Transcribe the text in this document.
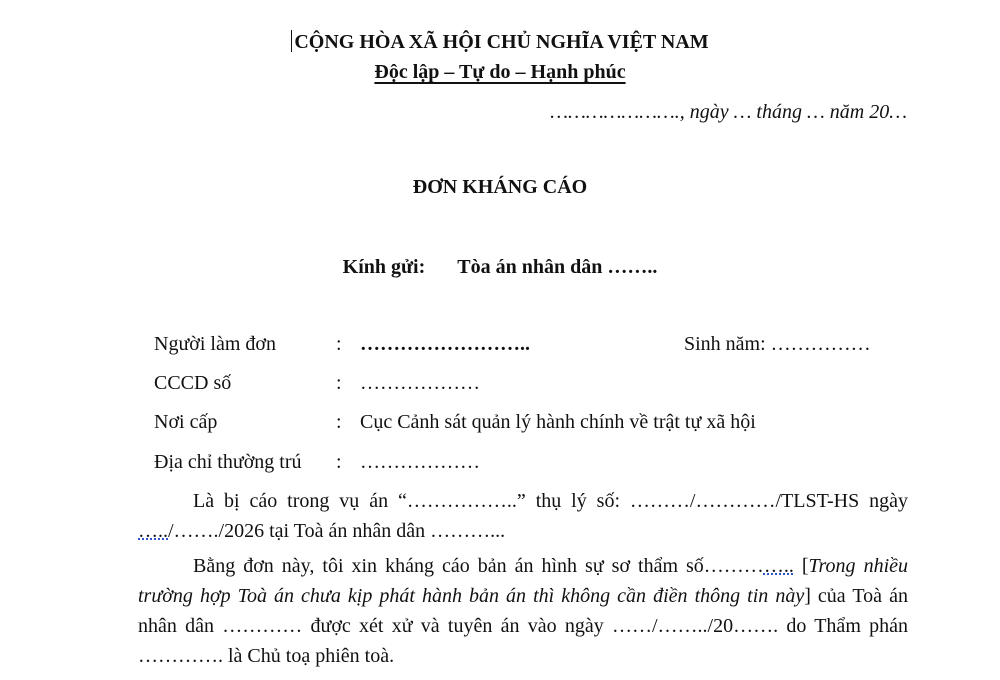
CỘNG HÒA XÃ HỘI CHỦ NGHĨA VIỆT NAM
Độc lập – Tự do – Hạnh phúc
…………………., ngày … tháng … năm 20…
ĐƠN KHÁNG CÁO
Kính gửi: Tòa án nhân dân ……..
Người làm đơn	: ……………………..	Sinh năm: ……………
CCCD số	: ………………
Nơi cấp	: Cục Cảnh sát quản lý hành chính về trật tự xã hội
Địa chỉ thường trú : ………………
Là bị cáo trong vụ án “……………..” thụ lý số: ………/…………/TLST-HS ngày …../……./2026 tại Toà án nhân dân ………...
Bằng đơn này, tôi xin kháng cáo bản án hình sự sơ thẩm số………….. [Trong nhiều trường hợp Toà án chưa kịp phát hành bản án thì không cần điền thông tin này] của Toà án nhân dân ………… được xét xử và tuyên án vào ngày ……/……../20……. do Thẩm phán …………. là Chủ toạ phiên toà.
